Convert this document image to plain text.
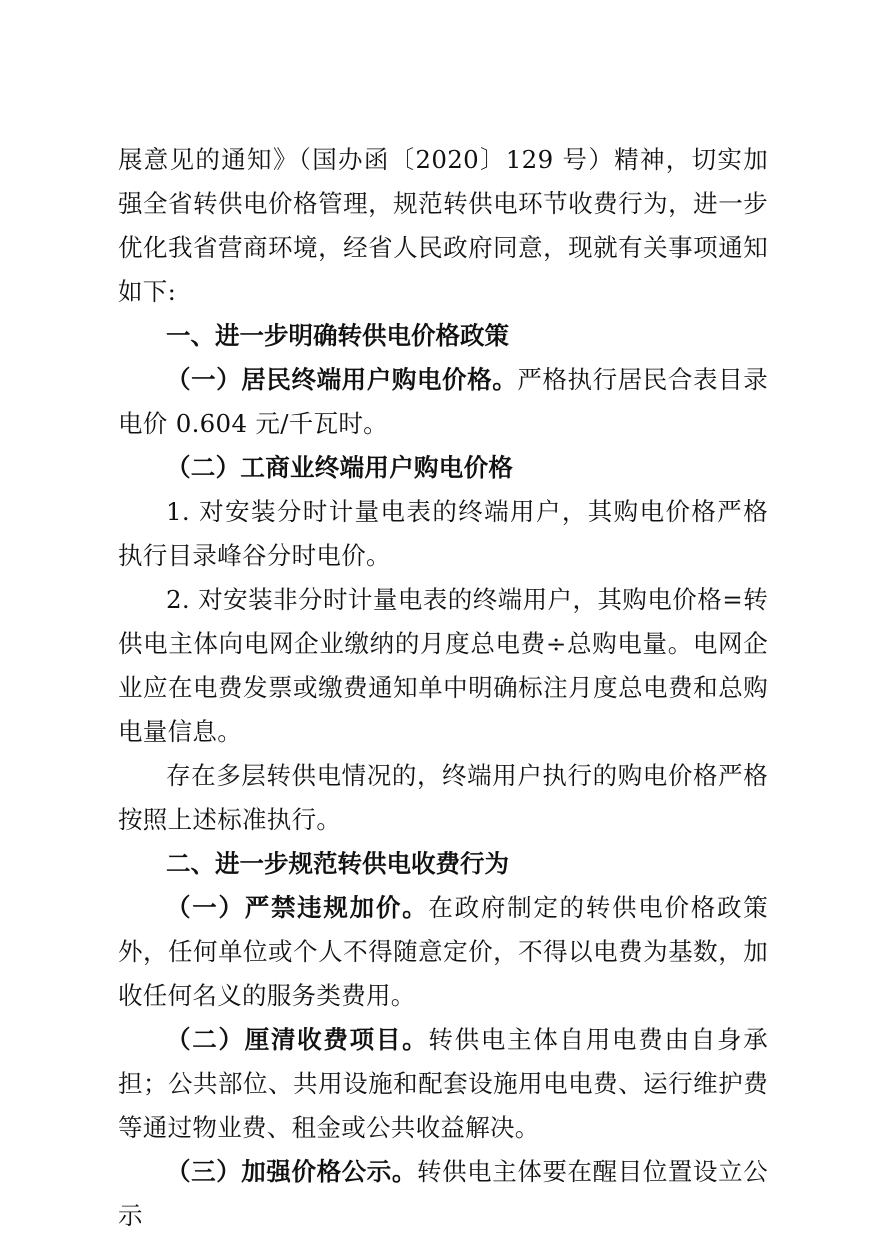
展意见的通知》（国办函〔2020〕129 号）精神，切实加强全省转供电价格管理，规范转供电环节收费行为，进一步优化我省营商环境，经省人民政府同意，现就有关事项通知如下:

一、进一步明确转供电价格政策

（一）居民终端用户购电价格。严格执行居民合表目录电价 0.604 元/千瓦时。

（二）工商业终端用户购电价格

1. 对安装分时计量电表的终端用户，其购电价格严格执行目录峰谷分时电价。

2. 对安装非分时计量电表的终端用户，其购电价格=转供电主体向电网企业缴纳的月度总电费÷总购电量。电网企业应在电费发票或缴费通知单中明确标注月度总电费和总购电量信息。

存在多层转供电情况的，终端用户执行的购电价格严格按照上述标准执行。

二、进一步规范转供电收费行为

（一）严禁违规加价。在政府制定的转供电价格政策外，任何单位或个人不得随意定价，不得以电费为基数，加收任何名义的服务类费用。

（二）厘清收费项目。转供电主体自用电费由自身承担；公共部位、共用设施和配套设施用电电费、运行维护费等通过物业费、租金或公共收益解决。

（三）加强价格公示。转供电主体要在醒目位置设立公示
